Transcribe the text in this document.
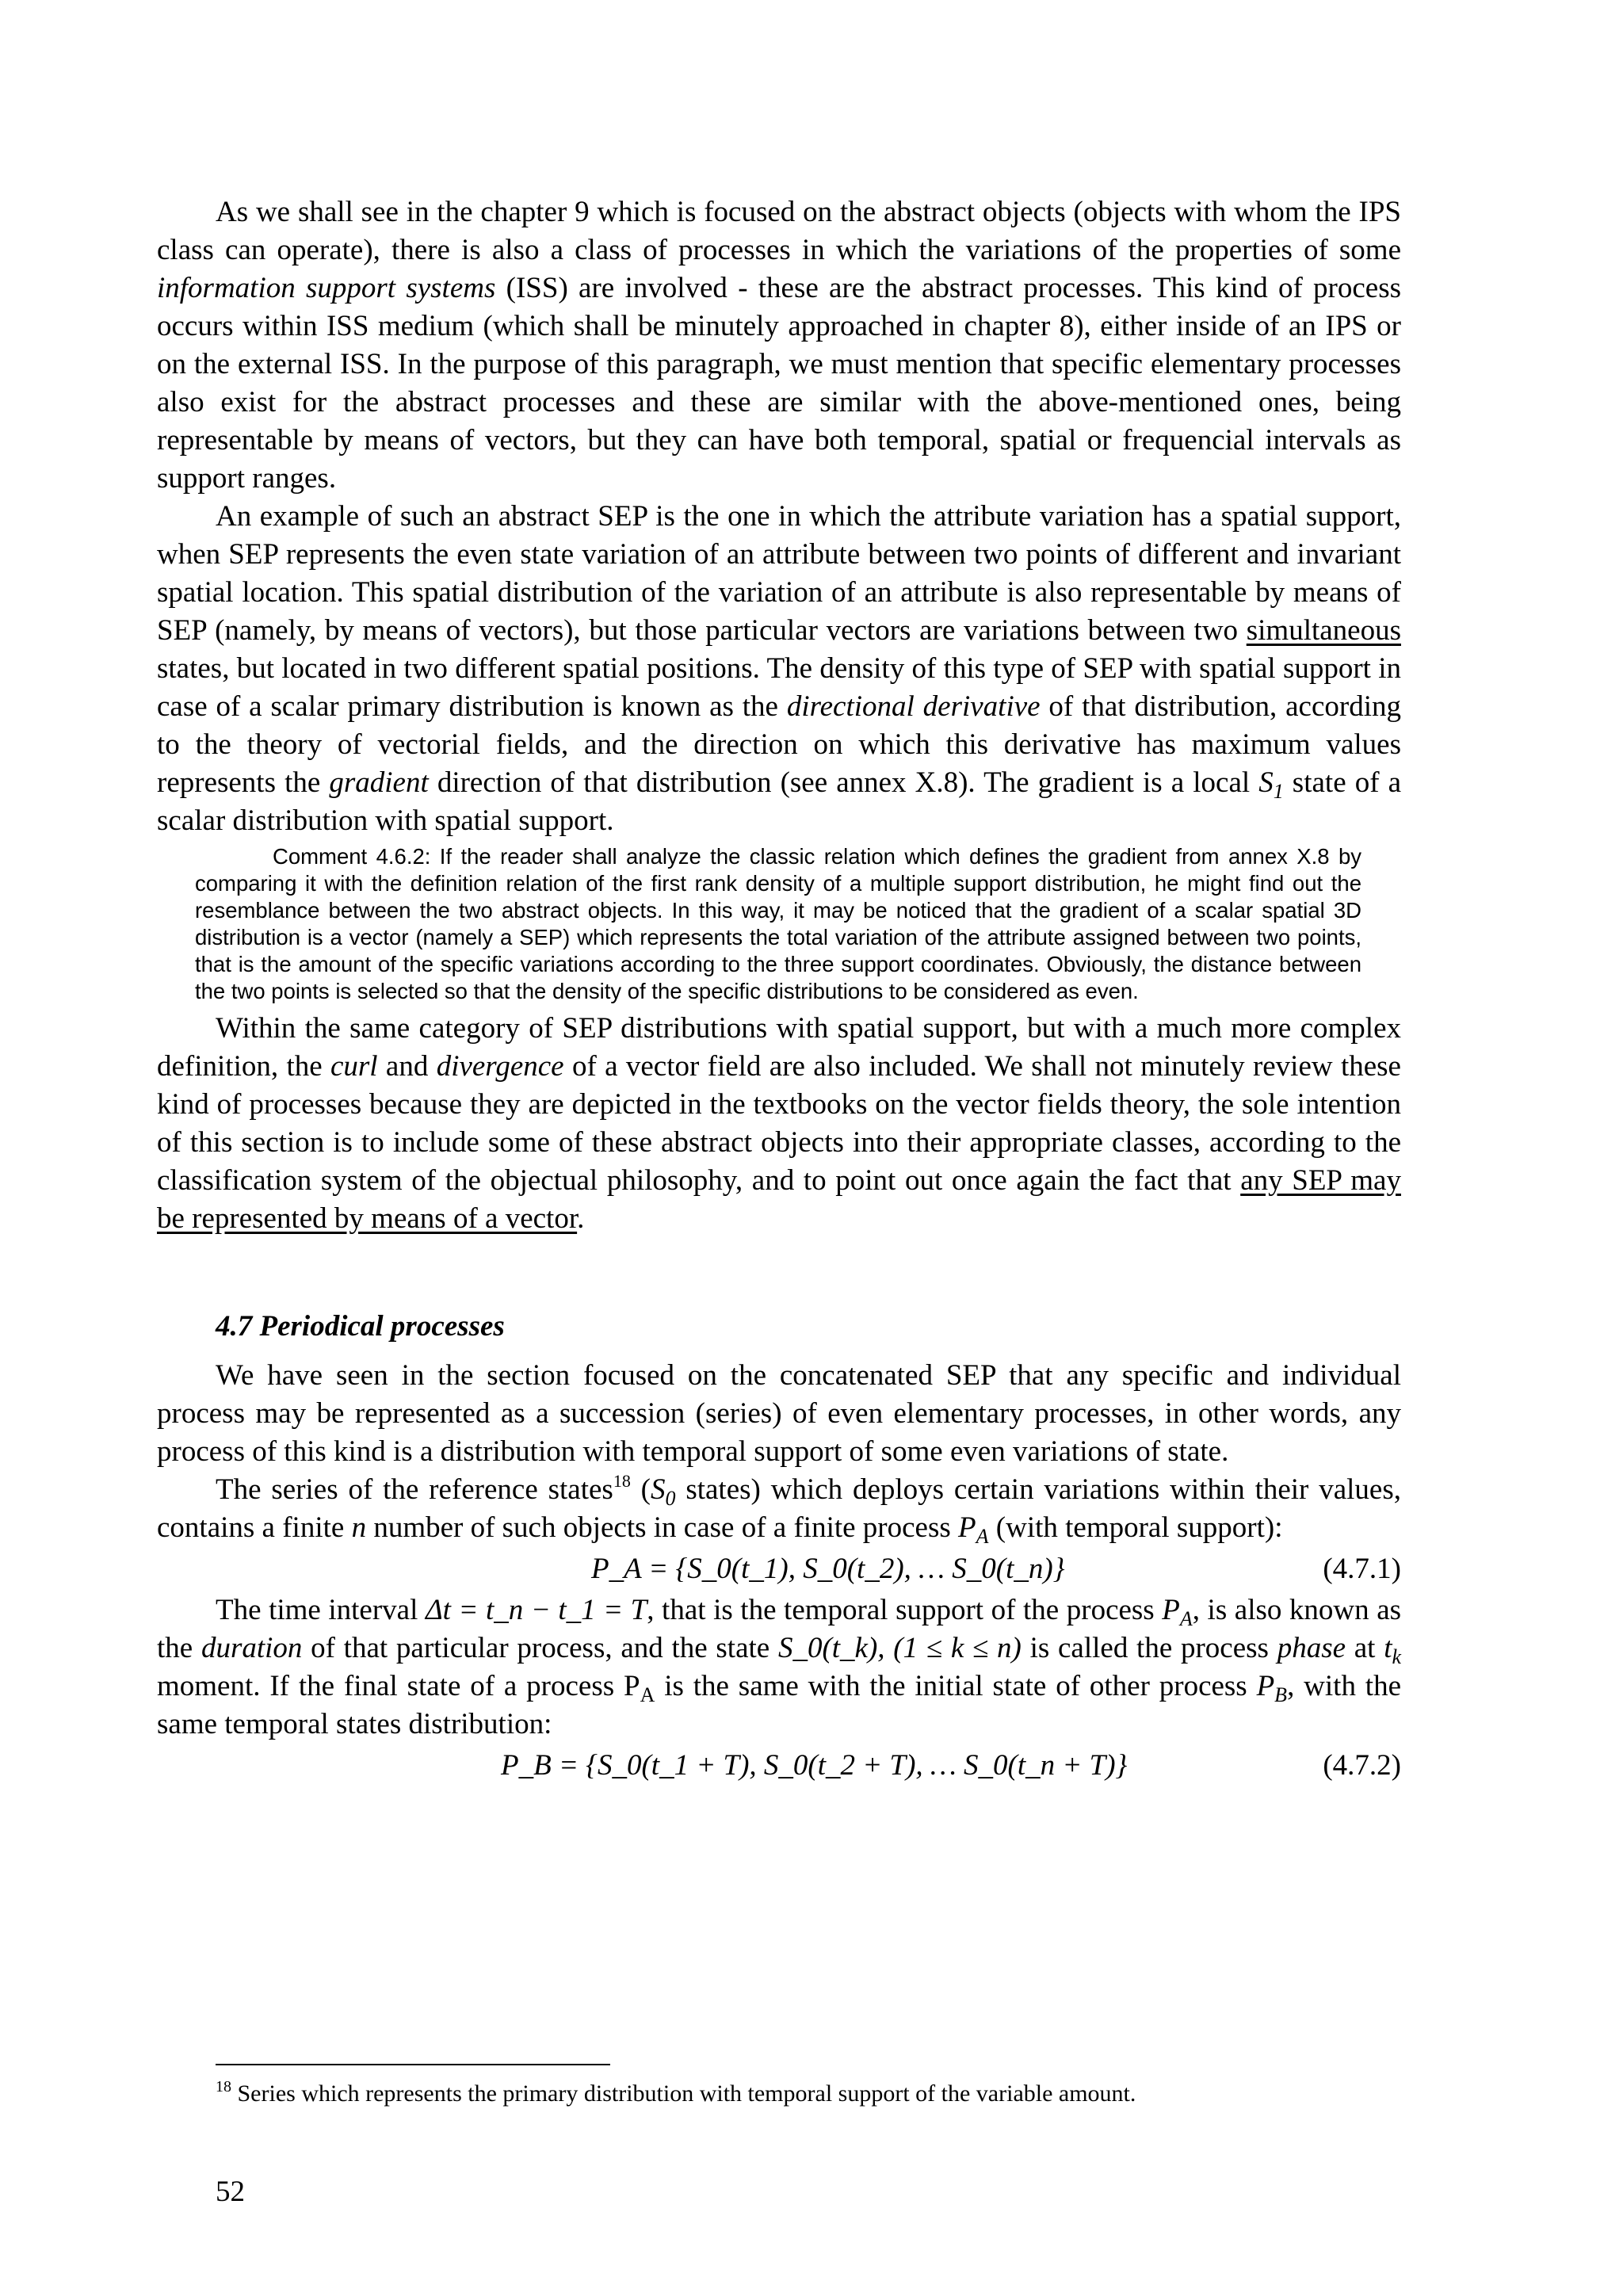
As we shall see in the chapter 9 which is focused on the abstract objects (objects with whom the IPS class can operate), there is also a class of processes in which the variations of the properties of some information support systems (ISS) are involved - these are the abstract processes. This kind of process occurs within ISS medium (which shall be minutely approached in chapter 8), either inside of an IPS or on the external ISS. In the purpose of this paragraph, we must mention that specific elementary processes also exist for the abstract processes and these are similar with the above-mentioned ones, being representable by means of vectors, but they can have both temporal, spatial or frequencial intervals as support ranges.

An example of such an abstract SEP is the one in which the attribute variation has a spatial support, when SEP represents the even state variation of an attribute between two points of different and invariant spatial location. This spatial distribution of the variation of an attribute is also representable by means of SEP (namely, by means of vectors), but those particular vectors are variations between two simultaneous states, but located in two different spatial positions. The density of this type of SEP with spatial support in case of a scalar primary distribution is known as the directional derivative of that distribution, according to the theory of vectorial fields, and the direction on which this derivative has maximum values represents the gradient direction of that distribution (see annex X.8). The gradient is a local $S_1$ state of a scalar distribution with spatial support.

Comment 4.6.2: If the reader shall analyze the classic relation which defines the gradient from annex X.8 by comparing it with the definition relation of the first rank density of a multiple support distribution, he might find out the resemblance between the two abstract objects. In this way, it may be noticed that the gradient of a scalar spatial 3D distribution is a vector (namely a SEP) which represents the total variation of the attribute assigned between two points, that is the amount of the specific variations according to the three support coordinates. Obviously, the distance between the two points is selected so that the density of the specific distributions to be considered as even.

Within the same category of SEP distributions with spatial support, but with a much more complex definition, the curl and divergence of a vector field are also included. We shall not minutely review these kind of processes because they are depicted in the textbooks on the vector fields theory, the sole intention of this section is to include some of these abstract objects into their appropriate classes, according to the classification system of the objectual philosophy, and to point out once again the fact that any SEP may be represented by means of a vector.

4.7 Periodical processes

We have seen in the section focused on the concatenated SEP that any specific and individual process may be represented as a succession (series) of even elementary processes, in other words, any process of this kind is a distribution with temporal support of some even variations of state.

The series of the reference states$^{18}$ ($S_0$ states) which deploys certain variations within their values, contains a finite n number of such objects in case of a finite process $P_A$ (with temporal support):

P_A = {S_0(t_1), S_0(t_2), … S_0(t_n)}	(4.7.1)

The time interval Δt = t_n − t_1 = T, that is the temporal support of the process $P_A$, is also known as the duration of that particular process, and the state S_0(t_k), (1 ≤ k ≤ n) is called the process phase at $t_k$ moment. If the final state of a process $P_A$ is the same with the initial state of other process $P_B$, with the same temporal states distribution:

P_B = {S_0(t_1 + T), S_0(t_2 + T), … S_0(t_n + T)}	(4.7.2)
$^{18}$ Series which represents the primary distribution with temporal support of the variable amount.
52
